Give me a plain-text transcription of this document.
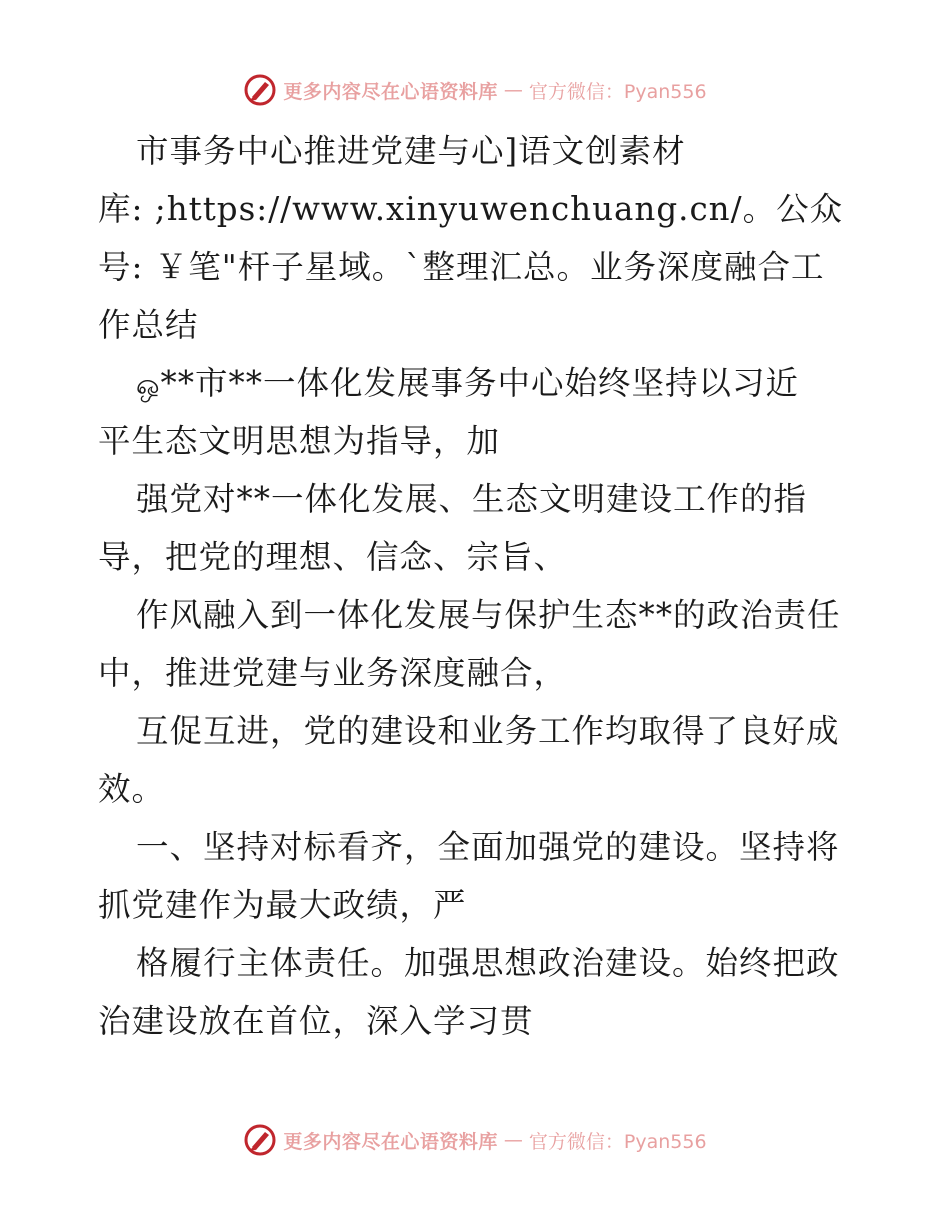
更多内容尽在心语资料库 — 官方微信：Pyan556
市事务中心推进党建与心]语文创素材
库: ;https://www.xinyuwenchuang.cn/。公众
号: ￥笔"杆子星域。`整理汇总。业务深度融合工
作总结
ஒ**市**一体化发展事务中心始终坚持以习近
平生态文明思想为指导，加
强党对**一体化发展、生态文明建设工作的指
导，把党的理想、信念、宗旨、
作风融入到一体化发展与保护生态**的政治责任
中，推进党建与业务深度融合，
互促互进，党的建设和业务工作均取得了良好成
效。
一、坚持对标看齐，全面加强党的建设。坚持将
抓党建作为最大政绩，严
格履行主体责任。加强思想政治建设。始终把政
治建设放在首位，深入学习贯
更多内容尽在心语资料库 — 官方微信：Pyan556
